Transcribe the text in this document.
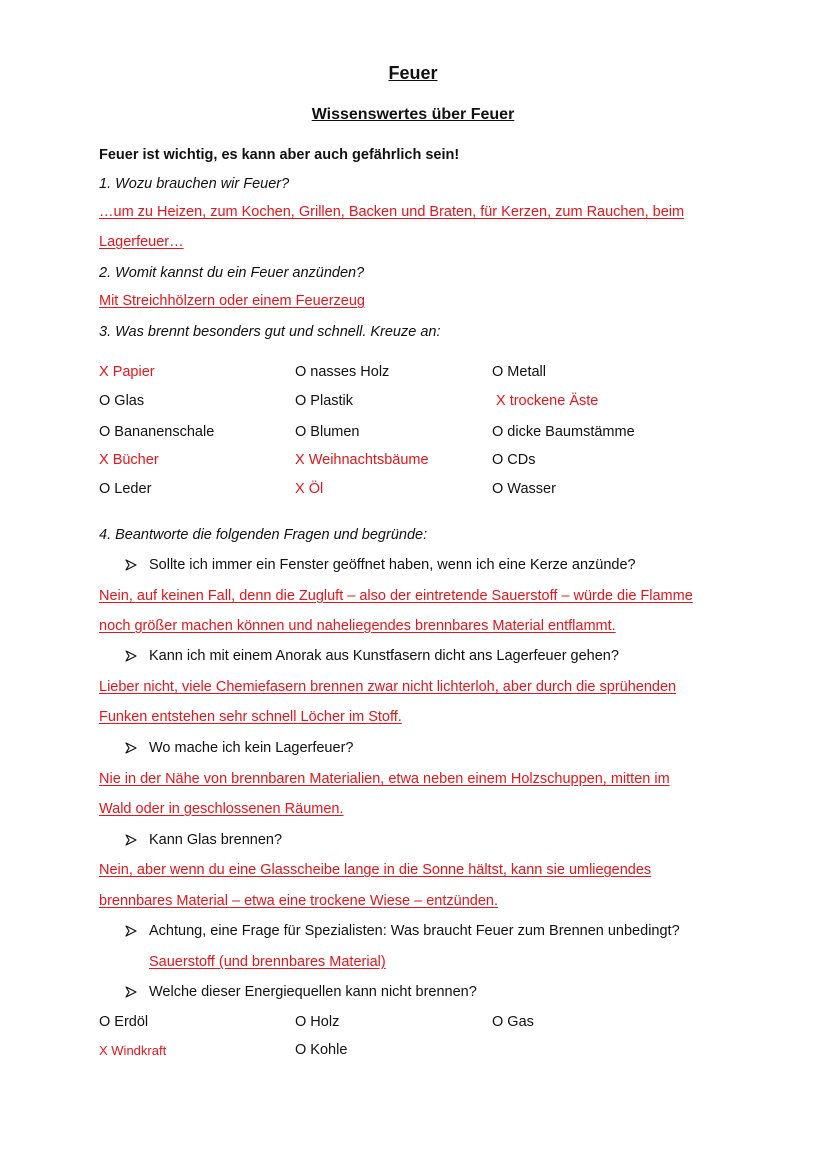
Feuer
Wissenswertes über Feuer
Feuer ist wichtig, es kann aber auch gefährlich sein!
1. Wozu brauchen wir Feuer?
…um zu Heizen, zum Kochen, Grillen, Backen und Braten, für Kerzen, zum Rauchen, beim
Lagerfeuer…
2. Womit kannst du ein Feuer anzünden?
Mit Streichhölzern oder einem Feuerzeug
3. Was brennt besonders gut und schnell. Kreuze an:
X Papier	O nasses Holz	O Metall
O Glas	O Plastik	X trockene Äste
O Bananenschale	O Blumen	O dicke Baumstämme
X Bücher	X Weihnachtsbäume	O CDs
O Leder	X Öl	O Wasser
4. Beantworte die folgenden Fragen und begründe:
Sollte ich immer ein Fenster geöffnet haben, wenn ich eine Kerze anzünde?
Nein, auf keinen Fall, denn die Zugluft – also der eintretende Sauerstoff – würde die Flamme
noch größer machen können und naheliegendes brennbares Material entflammt.
Kann ich mit einem Anorak aus Kunstfasern dicht ans Lagerfeuer gehen?
Lieber nicht, viele Chemiefasern brennen zwar nicht lichterloh, aber durch die sprühenden
Funken entstehen sehr schnell Löcher im Stoff.
Wo mache ich kein Lagerfeuer?
Nie in der Nähe von brennbaren Materialien, etwa neben einem Holzschuppen, mitten im
Wald oder in geschlossenen Räumen.
Kann Glas brennen?
Nein, aber wenn du eine Glasscheibe lange in die Sonne hältst, kann sie umliegendes
brennbares Material – etwa eine trockene Wiese – entzünden.
Achtung, eine Frage für Spezialisten: Was braucht Feuer zum Brennen unbedingt?
Sauerstoff (und brennbares Material)
Welche dieser Energiequellen kann nicht brennen?
O Erdöl	O Holz	O Gas
X Windkraft	O Kohle
